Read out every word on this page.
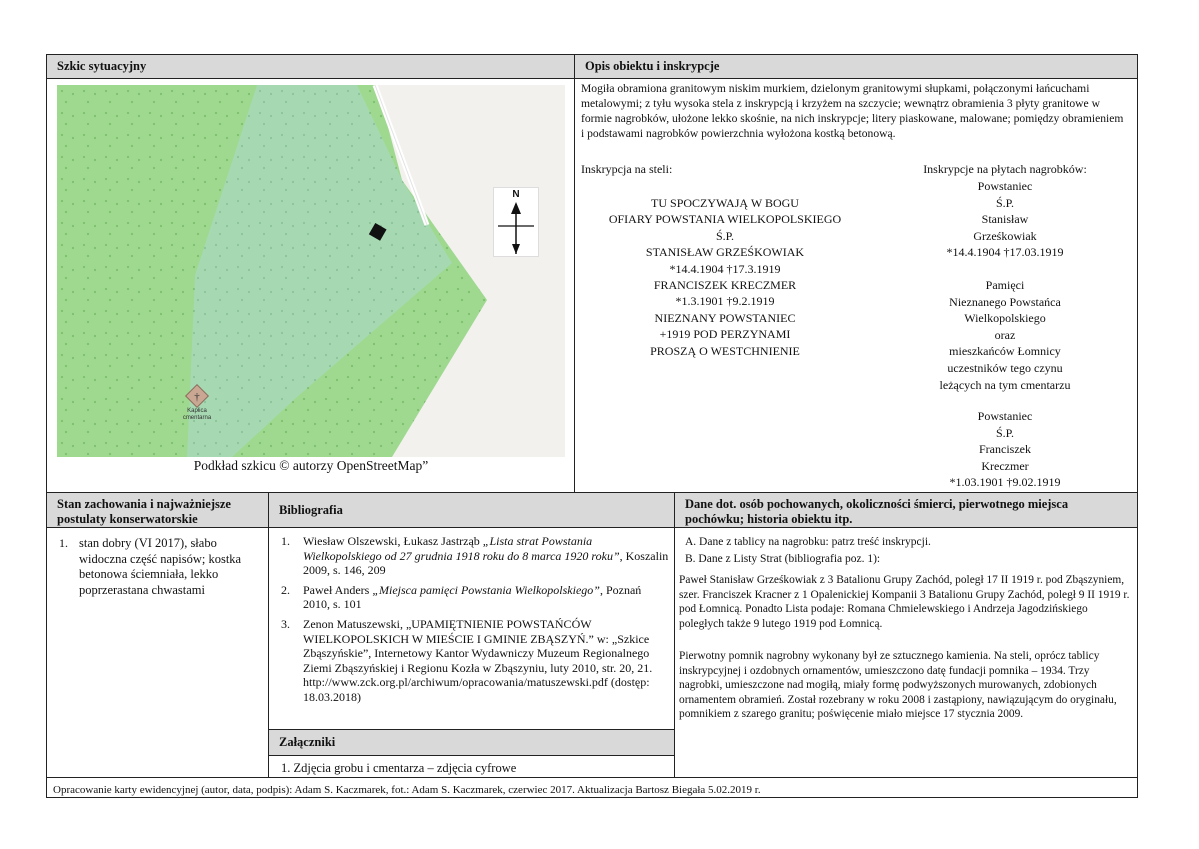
Szkic sytuacyjny
†
Kaplica
cmentarna
N
Podkład szkicu © autorzy OpenStreetMap”
Opis obiektu i inskrypcje
Mogiła obramiona granitowym niskim murkiem, dzielonym granitowymi słupkami, połączonymi łańcuchami metalowymi; z tyłu wysoka stela z inskrypcją i krzyżem na szczycie; wewnątrz obramienia 3 płyty granitowe w formie nagrobków, ułożone lekko skośnie, na nich inskrypcje; litery piaskowane, malowane; pomiędzy obramieniem i podstawami nagrobków powierzchnia wyłożona kostką betonową.
Inskrypcja na steli:
TU SPOCZYWAJĄ W BOGU
OFIARY POWSTANIA WIELKOPOLSKIEGO
Ś.P.
STANISŁAW GRZEŚKOWIAK
*14.4.1904 †17.3.1919
FRANCISZEK KRECZMER
*1.3.1901 †9.2.1919
NIEZNANY POWSTANIEC
+1919 POD PERZYNAMI
PROSZĄ O WESTCHNIENIE
Inskrypcje na płytach nagrobków:
Powstaniec
Ś.P.
Stanisław
Grześkowiak
*14.4.1904 †17.03.1919
Pamięci
Nieznanego Powstańca
Wielkopolskiego
oraz
mieszkańców Łomnicy
uczestników tego czynu
leżących na tym cmentarzu
Powstaniec
Ś.P.
Franciszek
Kreczmer
*1.03.1901 †9.02.1919
Stan zachowania i najważniejsze postulaty konserwatorskie
1. stan dobry (VI 2017), słabo widoczna część napisów; kostka betonowa ściemniała, lekko poprzerastana chwastami
Bibliografia
1. Wiesław Olszewski, Łukasz Jastrząb „Lista strat Powstania Wielkopolskiego od 27 grudnia 1918 roku do 8 marca 1920 roku”, Koszalin 2009, s. 146, 209
2. Paweł Anders „Miejsca pamięci Powstania Wielkopolskiego”, Poznań 2010, s. 101
3. Zenon Matuszewski, „UPAMIĘTNIENIE POWSTAŃCÓW WIELKOPOLSKICH W MIEŚCIE I GMINIE ZBĄSZYŃ.” w: „Szkice Zbąszyńskie”, Internetowy Kantor Wydawniczy Muzeum Regionalnego Ziemi Zbąszyńskiej i Regionu Kozła w Zbąszyniu, luty 2010, str. 20, 21. http://www.zck.org.pl/archiwum/opracowania/matuszewski.pdf (dostęp: 18.03.2018)
Załączniki
1. Zdjęcia grobu i cmentarza – zdjęcia cyfrowe
Dane dot. osób pochowanych, okoliczności śmierci, pierwotnego miejsca pochówku; historia obiektu itp.
A. Dane z tablicy na nagrobku: patrz treść inskrypcji.
B. Dane z Listy Strat (bibliografia poz. 1):
Paweł Stanisław Grześkowiak z 3 Batalionu Grupy Zachód, poległ 17 II 1919 r. pod Zbąszyniem, szer. Franciszek Kracner z 1 Opalenickiej Kompanii 3 Batalionu Grupy Zachód, poległ 9 II 1919 r. pod Łomnicą. Ponadto Lista podaje: Romana Chmielewskiego i Andrzeja Jagodzińskiego poległych także 9 lutego 1919 pod Łomnicą.
Pierwotny pomnik nagrobny wykonany był ze sztucznego kamienia. Na steli, oprócz tablicy inskrypcyjnej i ozdobnych ornamentów, umieszczono datę fundacji pomnika – 1934. Trzy nagrobki, umieszczone nad mogiłą, miały formę podwyższonych murowanych, zdobionych ornamentem obramień. Został rozebrany w roku 2008 i zastąpiony, nawiązującym do oryginału, pomnikiem z szarego granitu; poświęcenie miało miejsce 17 stycznia 2009.
Opracowanie karty ewidencyjnej (autor, data, podpis): Adam S. Kaczmarek, fot.: Adam S. Kaczmarek, czerwiec 2017. Aktualizacja Bartosz Biegała 5.02.2019 r.
